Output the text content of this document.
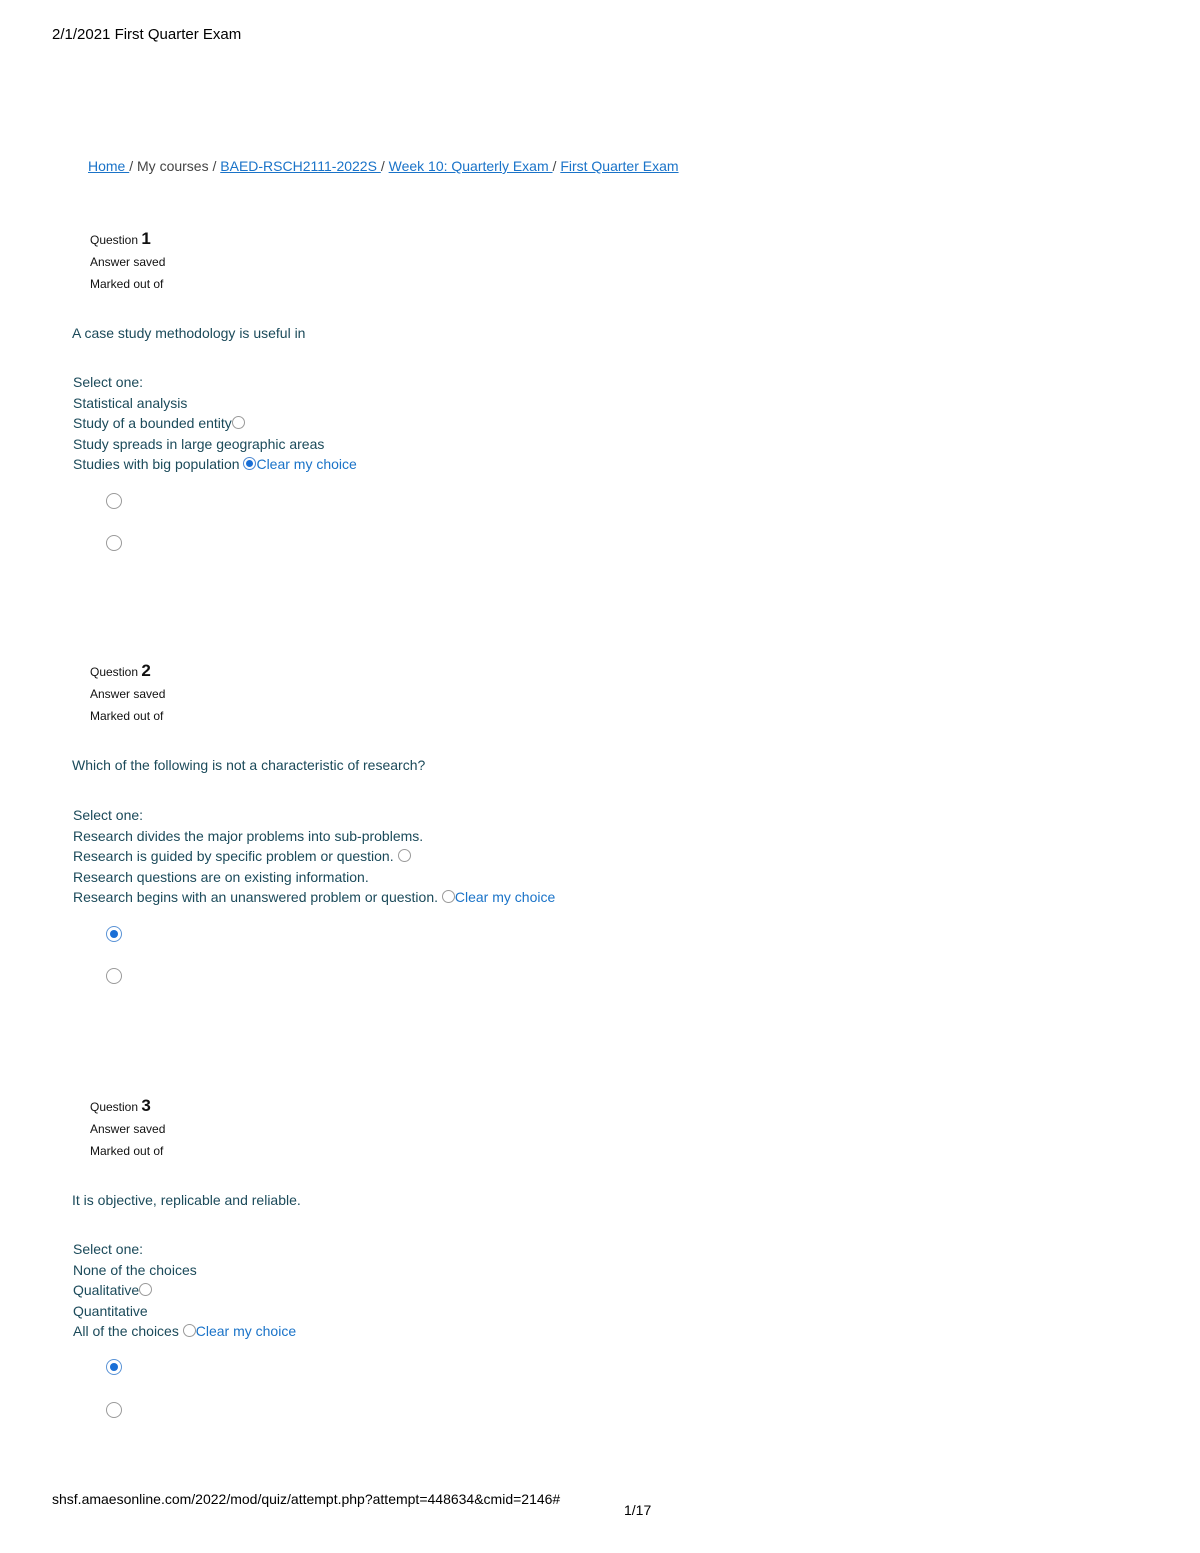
2/1/2021 First Quarter Exam
Home / My courses / BAED-RSCH2111-2022S / Week 10: Quarterly Exam / First Quarter Exam
Question 1
Answer saved
Marked out of
A case study methodology is useful in
Select one:
Statistical analysis
Study of a bounded entity
Study spreads in large geographic areas
Studies with big population Clear my choice
Question 2
Answer saved
Marked out of
Which of the following is not a characteristic of research?
Select one:
Research divides the major problems into sub-problems.
Research is guided by specific problem or question.
Research questions are on existing information.
Research begins with an unanswered problem or question. Clear my choice
Question 3
Answer saved
Marked out of
It is objective, replicable and reliable.
Select one:
None of the choices
Qualitative
Quantitative
All of the choices Clear my choice
shsf.amaesonline.com/2022/mod/quiz/attempt.php?attempt=448634&cmid=2146#
1/17
